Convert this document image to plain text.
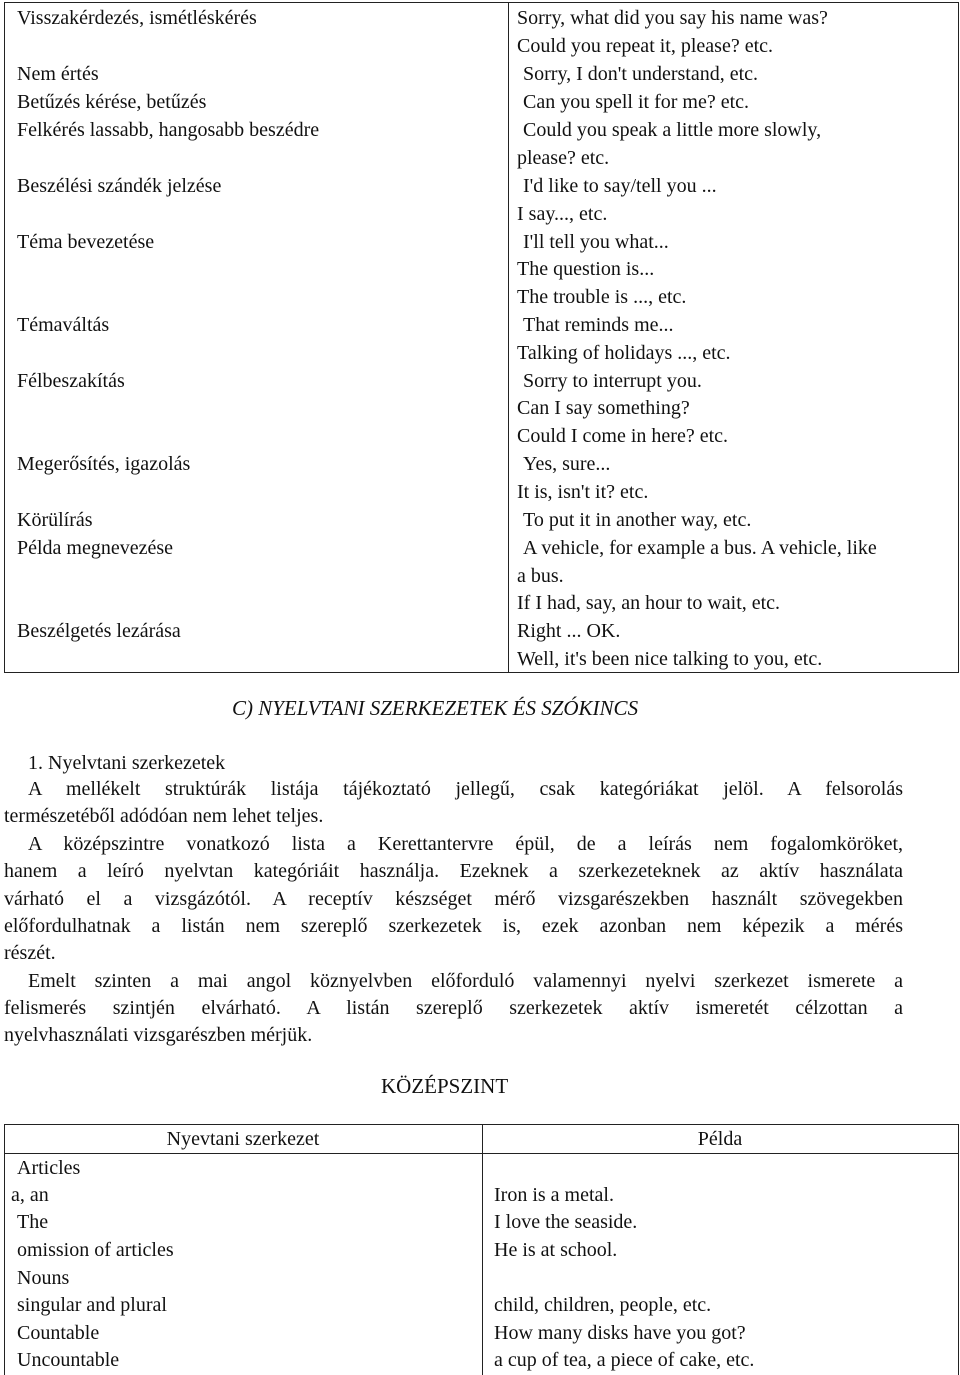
Visszakérdezés, ismétléskérés
Nem értés
Betűzés kérése, betűzés
Felkérés lassabb, hangosabb beszédre
Beszélési szándék jelzése
Téma bevezetése
Témaváltás
Félbeszakítás
Megerősítés, igazolás
Körülírás
Példa megnevezése
Beszélgetés lezárása
Sorry, what did you say his name was?
Could you repeat it, please? etc.
Sorry, I don't understand, etc.
Can you spell it for me? etc.
Could you speak a little more slowly,
please? etc.
I'd like to say/tell you ...
I say..., etc.
I'll tell you what...
The question is...
The trouble is ..., etc.
That reminds me...
Talking of holidays ..., etc.
Sorry to interrupt you.
Can I say something?
Could I come in here? etc.
Yes, sure...
It is, isn't it? etc.
To put it in another way, etc.
A vehicle, for example a bus. A vehicle, like
a bus.
If I had, say, an hour to wait, etc.
Right ... OK.
Well, it's been nice talking to you, etc.
C) NYELVTANI SZERKEZETEK ÉS SZÓKINCS
1. Nyelvtani szerkezetek
A mellékelt struktúrák listája tájékoztató jellegű, csak kategóriákat jelöl. A felsorolás
természetéből adódóan nem lehet teljes.
A középszintre vonatkozó lista a Kerettantervre épül, de a leírás nem fogalomköröket,
hanem a leíró nyelvtan kategóriáit használja. Ezeknek a szerkezeteknek az aktív használata
várható el a vizsgázótól. A receptív készséget mérő vizsgarészekben használt szövegekben
előfordulhatnak a listán nem szereplő szerkezetek is, ezek azonban nem képezik a mérés
részét.
Emelt szinten a mai angol köznyelvben előforduló valamennyi nyelvi szerkezet ismerete a
felismerés szintjén elvárható. A listán szereplő szerkezetek aktív ismeretét célzottan a
nyelvhasználati vizsgarészben mérjük.
KÖZÉPSZINT
Nyevtani szerkezet	Példa
Articles
a, an
The
omission of articles
Nouns
singular and plural
Countable
Uncountable
Iron is a metal.
I love the seaside.
He is at school.
child, children, people, etc.
How many disks have you got?
a cup of tea, a piece of cake, etc.
